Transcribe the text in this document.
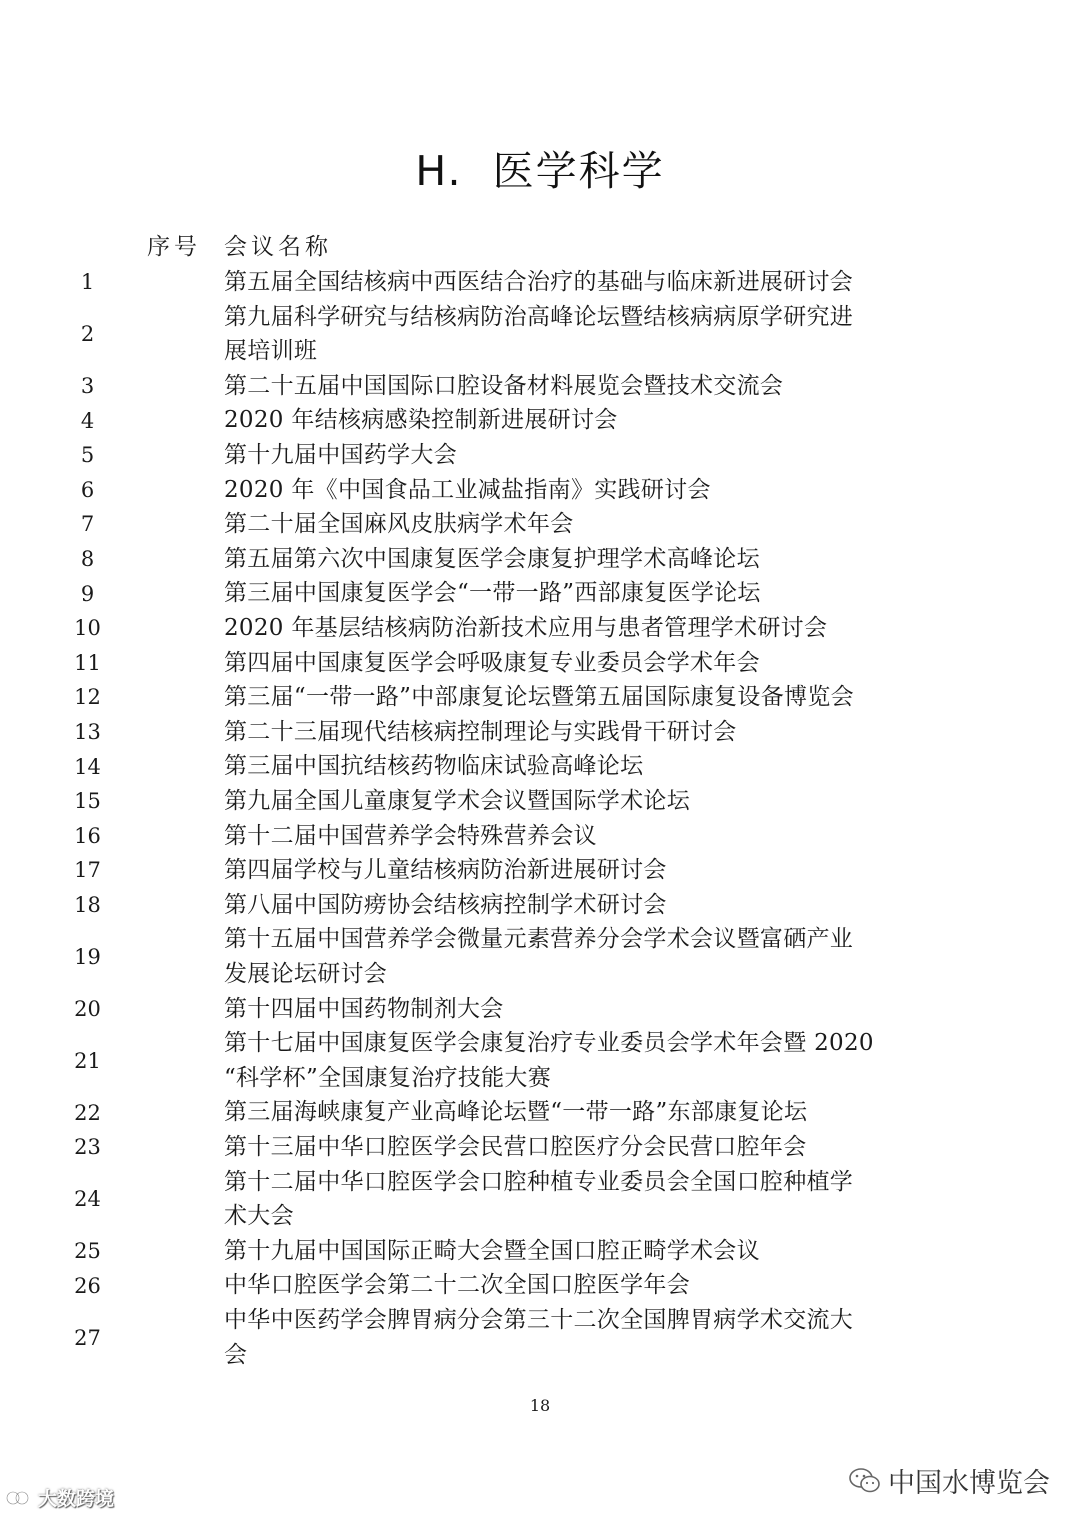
H. 医学科学
序号 会议名称
1	第五届全国结核病中西医结合治疗的基础与临床新进展研讨会
2
第九届科学研究与结核病防治高峰论坛暨结核病病原学研究进
展培训班
3	第二十五届中国国际口腔设备材料展览会暨技术交流会
4	2020 年结核病感染控制新进展研讨会
5	第十九届中国药学大会
6	2020 年《中国食品工业减盐指南》实践研讨会
7	第二十届全国麻风皮肤病学术年会
8	第五届第六次中国康复医学会康复护理学术高峰论坛
9	第三届中国康复医学会“一带一路”西部康复医学论坛
10	2020 年基层结核病防治新技术应用与患者管理学术研讨会
11	第四届中国康复医学会呼吸康复专业委员会学术年会
12	第三届“一带一路”中部康复论坛暨第五届国际康复设备博览会
13	第二十三届现代结核病控制理论与实践骨干研讨会
14	第三届中国抗结核药物临床试验高峰论坛
15	第九届全国儿童康复学术会议暨国际学术论坛
16	第十二届中国营养学会特殊营养会议
17	第四届学校与儿童结核病防治新进展研讨会
18	第八届中国防痨协会结核病控制学术研讨会
19
第十五届中国营养学会微量元素营养分会学术会议暨富硒产业
发展论坛研讨会
20	第十四届中国药物制剂大会
21
第十七届中国康复医学会康复治疗专业委员会学术年会暨 2020
“科学杯”全国康复治疗技能大赛
22	第三届海峡康复产业高峰论坛暨“一带一路”东部康复论坛
23	第十三届中华口腔医学会民营口腔医疗分会民营口腔年会
24
第十二届中华口腔医学会口腔种植专业委员会全国口腔种植学
术大会
25	第十九届中国国际正畸大会暨全国口腔正畸学术会议
26	中华口腔医学会第二十二次全国口腔医学年会
27
中华中医药学会脾胃病分会第三十二次全国脾胃病学术交流大
会
18
大数跨境	中国水博览会
